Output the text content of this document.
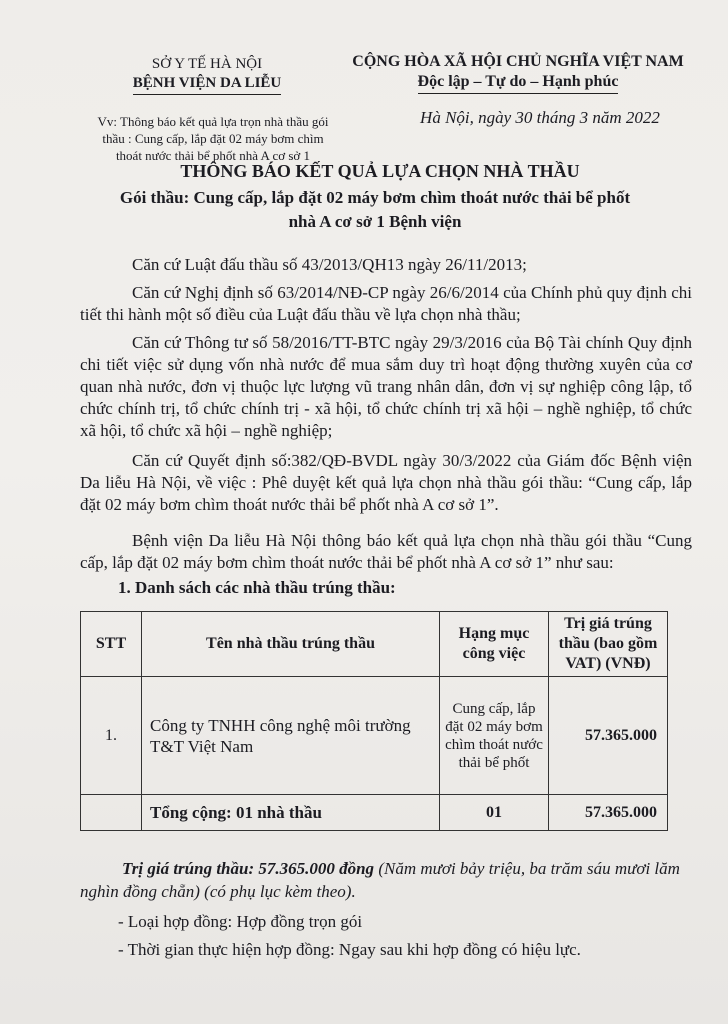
SỞ Y TẾ HÀ NỘI
BỆNH VIỆN DA LIỄU
CỘNG HÒA XÃ HỘI CHỦ NGHĨA VIỆT NAM
Độc lập – Tự do – Hạnh phúc
Vv: Thông báo kết quả lựa trọn nhà thầu gói
thầu : Cung cấp, lắp đặt 02 máy bơm chìm
thoát nước thải bể phốt nhà A cơ sở 1
Hà Nội, ngày 30 tháng 3 năm 2022
THÔNG BÁO KẾT QUẢ LỰA CHỌN NHÀ THẦU
Gói thầu: Cung cấp, lắp đặt 02 máy bơm chìm thoát nước thải bể phốt
nhà A cơ sở 1 Bệnh viện
Căn cứ Luật đấu thầu số 43/2013/QH13 ngày 26/11/2013;
Căn cứ Nghị định số 63/2014/NĐ-CP ngày 26/6/2014 của Chính phủ quy định chi tiết thi hành một số điều của Luật đấu thầu về lựa chọn nhà thầu;
Căn cứ Thông tư số 58/2016/TT-BTC ngày 29/3/2016 của Bộ Tài chính Quy định chi tiết việc sử dụng vốn nhà nước để mua sắm duy trì hoạt động thường xuyên của cơ quan nhà nước, đơn vị thuộc lực lượng vũ trang nhân dân, đơn vị sự nghiệp công lập, tổ chức chính trị, tổ chức chính trị - xã hội, tổ chức chính trị xã hội – nghề nghiệp, tổ chức xã hội, tổ chức xã hội – nghề nghiệp;
Căn cứ Quyết định số:382/QĐ-BVDL ngày 30/3/2022 của Giám đốc Bệnh viện Da liễu Hà Nội, về việc : Phê duyệt kết quả lựa chọn nhà thầu gói thầu: “Cung cấp, lắp đặt 02 máy bơm chìm thoát nước thải bể phốt nhà A cơ sở 1”.
Bệnh viện Da liễu Hà Nội thông báo kết quả lựa chọn nhà thầu gói thầu “Cung cấp, lắp đặt 02 máy bơm chìm thoát nước thải bể phốt nhà A cơ sở 1” như sau:
1. Danh sách các nhà thầu trúng thầu:
STT	Tên nhà thầu trúng thầu	Hạng mục công việc	Trị giá trúng thầu (bao gồm VAT) (VNĐ)
1.	Công ty TNHH công nghệ môi trường T&T Việt Nam	Cung cấp, lắp đặt 02 máy bơm chìm thoát nước thải bể phốt	57.365.000
	Tổng cộng: 01 nhà thầu	01	57.365.000
Trị giá trúng thầu: 57.365.000 đồng (Năm mươi bảy triệu, ba trăm sáu mươi lăm nghìn đồng chẵn) (có phụ lục kèm theo).
- Loại hợp đồng: Hợp đồng trọn gói
- Thời gian thực hiện hợp đồng: Ngay sau khi hợp đồng có hiệu lực.
